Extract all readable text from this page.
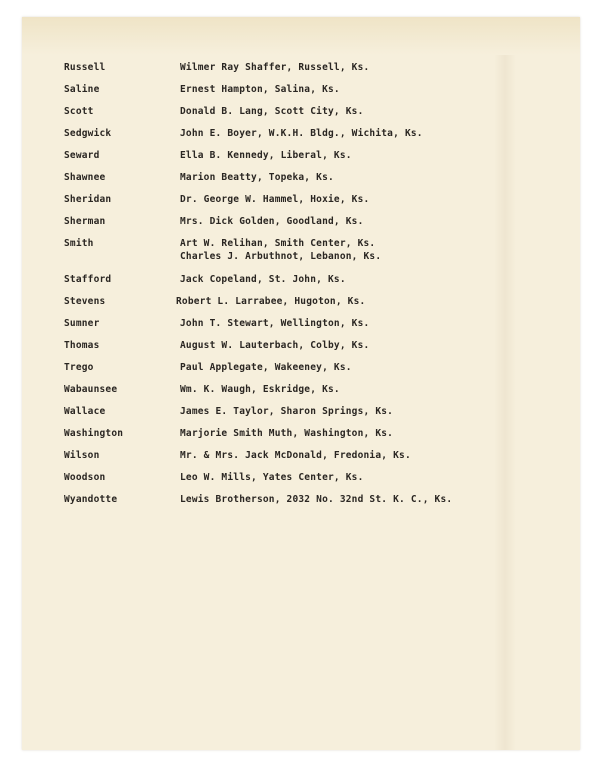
Russell	Wilmer Ray Shaffer, Russell, Ks.
Saline	Ernest Hampton, Salina, Ks.
Scott	Donald B. Lang, Scott City, Ks.
Sedgwick	John E. Boyer, W.K.H. Bldg., Wichita, Ks.
Seward	Ella B. Kennedy, Liberal, Ks.
Shawnee	Marion Beatty, Topeka, Ks.
Sheridan	Dr. George W. Hammel, Hoxie, Ks.
Sherman	Mrs. Dick Golden, Goodland, Ks.
Smith	Art W. Relihan, Smith Center, Ks.
Charles J. Arbuthnot, Lebanon, Ks.
Stafford	Jack Copeland, St. John, Ks.
Stevens	Robert L. Larrabee, Hugoton, Ks.
Sumner	John T. Stewart, Wellington, Ks.
Thomas	August W. Lauterbach, Colby, Ks.
Trego	Paul Applegate, Wakeeney, Ks.
Wabaunsee	Wm. K. Waugh, Eskridge, Ks.
Wallace	James E. Taylor, Sharon Springs, Ks.
Washington	Marjorie Smith Muth, Washington, Ks.
Wilson	Mr. & Mrs. Jack McDonald, Fredonia, Ks.
Woodson	Leo W. Mills, Yates Center, Ks.
Wyandotte	Lewis Brotherson, 2032 No. 32nd St. K. C., Ks.
